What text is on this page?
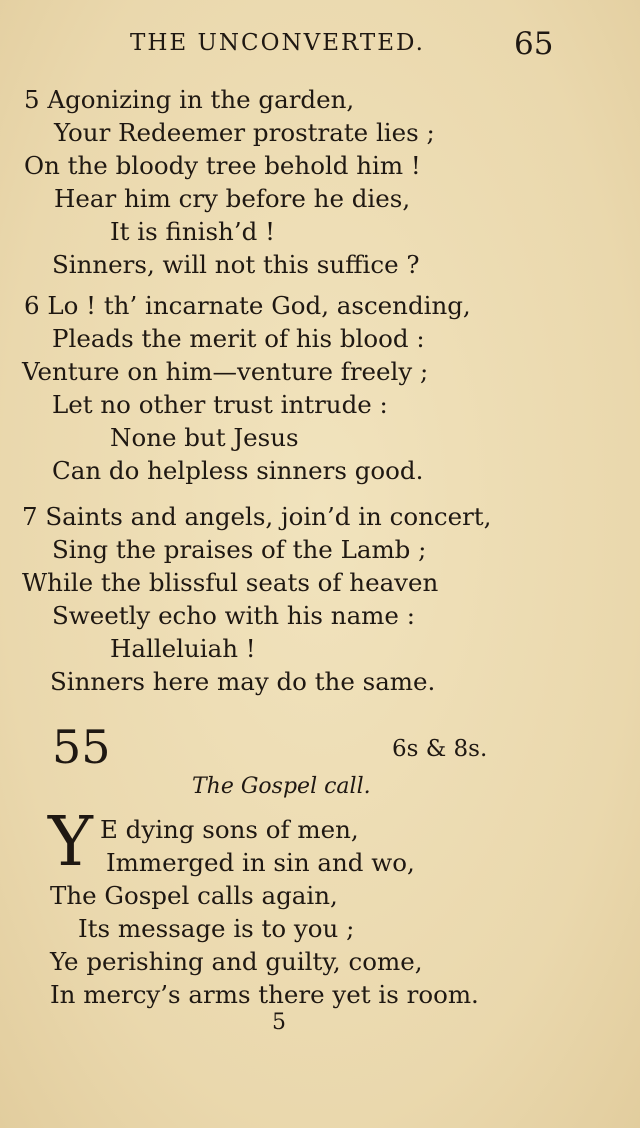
THE UNCONVERTED.	65
5 Agonizing in the garden,
Your Redeemer prostrate lies ;
On the bloody tree behold him !
Hear him cry before he dies,
It is finish’d !
Sinners, will not this suffice ?
6 Lo ! th’ incarnate God, ascending,
Pleads the merit of his blood :
Venture on him—venture freely ;
Let no other trust intrude :
None but Jesus
Can do helpless sinners good.
7 Saints and angels, join’d in concert,
Sing the praises of the Lamb ;
While the blissful seats of heaven
Sweetly echo with his name :
Halleluiah !
Sinners here may do the same.
55	6s & 8s.
The Gospel call.
Y E dying sons of men,
Immerged in sin and wo,
The Gospel calls again,
Its message is to you ;
Ye perishing and guilty, come,
In mercy’s arms there yet is room.
5
